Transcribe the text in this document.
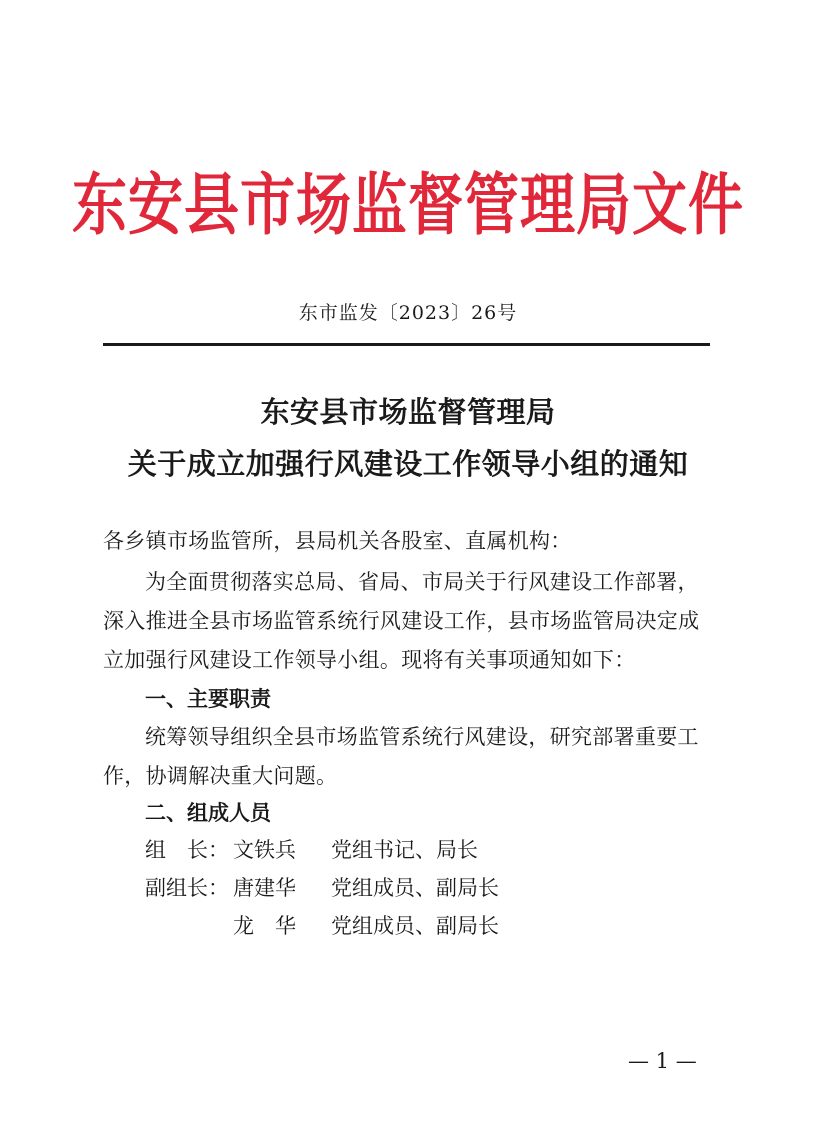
东安县市场监督管理局文件
东市监发〔2023〕26号
东安县市场监督管理局
关于成立加强行风建设工作领导小组的通知
各乡镇市场监管所，县局机关各股室、直属机构：
为全面贯彻落实总局、省局、市局关于行风建设工作部署，
深入推进全县市场监管系统行风建设工作，县市场监管局决定成
立加强行风建设工作领导小组。现将有关事项通知如下：
一、主要职责
统筹领导组织全县市场监管系统行风建设，研究部署重要工
作，协调解决重大问题。
二、组成人员
组　长： 文铁兵 党组书记、局长
副组长： 唐建华 党组成员、副局长
龙　华 党组成员、副局长
— 1 —
